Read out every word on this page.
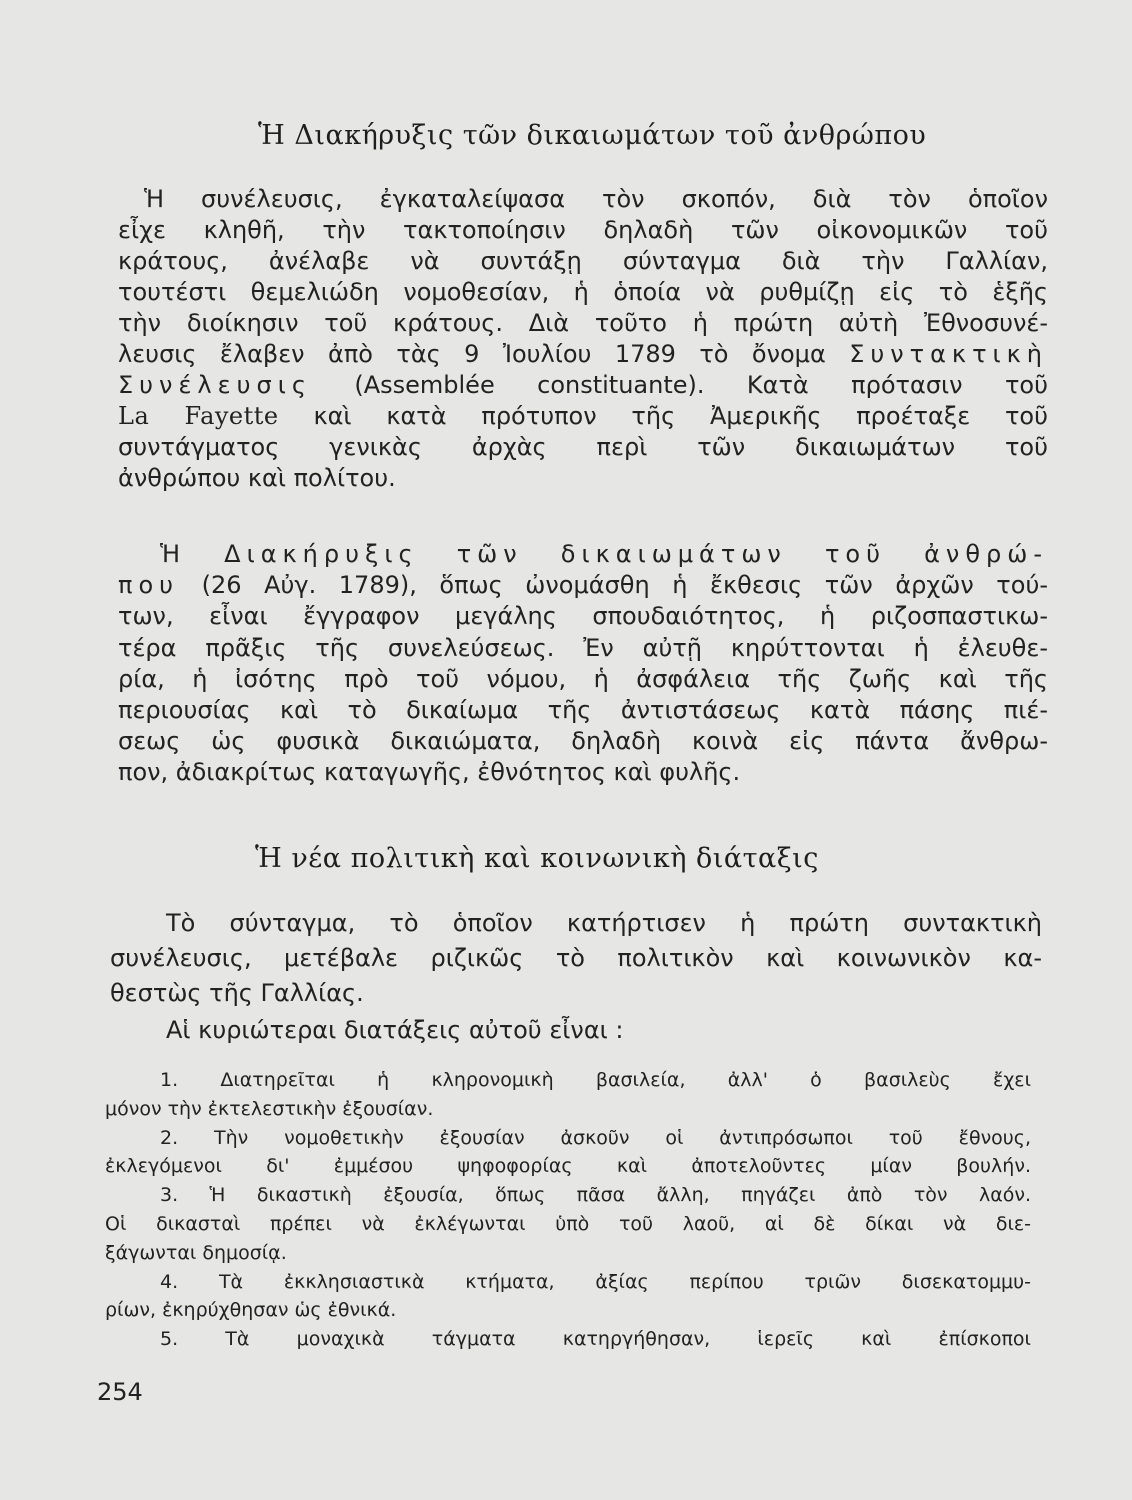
Ἡ Διακήρυξις τῶν δικαιωμάτων τοῦ ἀνθρώπου
Ἡ συνέλευσις, ἐγκαταλείψασα τὸν σκοπόν, διὰ τὸν ὁποῖον
εἶχε κληθῆ, τὴν τακτοποίησιν δηλαδὴ τῶν οἰκονομικῶν τοῦ
κράτους, ἀνέλαβε νὰ συντάξῃ σύνταγμα διὰ τὴν Γαλλίαν,
τουτέστι θεμελιώδη νομοθεσίαν, ἡ ὁποία νὰ ρυθμίζῃ εἰς τὸ ἑξῆς
τὴν διοίκησιν τοῦ κράτους. Διὰ τοῦτο ἡ πρώτη αὐτὴ Ἐθνοσυνέ-
λευσις ἔλαβεν ἀπὸ τὰς 9 Ἰουλίου 1789 τὸ ὄνομα Συντακτικὴ
Συνέλευσις (Assemblée constituante). Κατὰ πρότασιν τοῦ
La Fayette καὶ κατὰ πρότυπον τῆς Ἀμερικῆς προέταξε τοῦ
συντάγματος γενικὰς ἀρχὰς περὶ τῶν δικαιωμάτων τοῦ
ἀνθρώπου καὶ πολίτου.
Ἡ Διακήρυξις τῶν δικαιωμάτων τοῦ ἀνθρώ-
που (26 Αὐγ. 1789), ὅπως ὠνομάσθη ἡ ἔκθεσις τῶν ἀρχῶν τού-
των, εἶναι ἔγγραφον μεγάλης σπουδαιότητος, ἡ ριζοσπαστικω-
τέρα πρᾶξις τῆς συνελεύσεως. Ἐν αὐτῇ κηρύττονται ἡ ἐλευθε-
ρία, ἡ ἰσότης πρὸ τοῦ νόμου, ἡ ἀσφάλεια τῆς ζωῆς καὶ τῆς
περιουσίας καὶ τὸ δικαίωμα τῆς ἀντιστάσεως κατὰ πάσης πιέ-
σεως ὡς φυσικὰ δικαιώματα, δηλαδὴ κοινὰ εἰς πάντα ἄνθρω-
πον, ἀδιακρίτως καταγωγῆς, ἐθνότητος καὶ φυλῆς.
Ἡ νέα πολιτικὴ καὶ κοινωνικὴ διάταξις
Τὸ σύνταγμα, τὸ ὁποῖον κατήρτισεν ἡ πρώτη συντακτικὴ
συνέλευσις, μετέβαλε ριζικῶς τὸ πολιτικὸν καὶ κοινωνικὸν κα-
θεστὼς τῆς Γαλλίας.
Αἱ κυριώτεραι διατάξεις αὐτοῦ εἶναι :
1. Διατηρεῖται ἡ κληρονομικὴ βασιλεία, ἀλλ' ὁ βασιλεὺς ἔχει
μόνον τὴν ἐκτελεστικὴν ἐξουσίαν.
2. Τὴν νομοθετικὴν ἐξουσίαν ἀσκοῦν οἱ ἀντιπρόσωποι τοῦ ἔθνους,
ἐκλεγόμενοι δι' ἐμμέσου ψηφοφορίας καὶ ἀποτελοῦντες μίαν βουλήν.
3. Ἡ δικαστικὴ ἐξουσία, ὅπως πᾶσα ἄλλη, πηγάζει ἀπὸ τὸν λαόν.
Οἱ δικασταὶ πρέπει νὰ ἐκλέγωνται ὑπὸ τοῦ λαοῦ, αἱ δὲ δίκαι νὰ διε-
ξάγωνται δημοσίᾳ.
4. Τὰ ἐκκλησιαστικὰ κτήματα, ἀξίας περίπου τριῶν δισεκατομμυ-
ρίων, ἐκηρύχθησαν ὡς ἐθνικά.
5. Τὰ μοναχικὰ τάγματα κατηργήθησαν, ἱερεῖς καὶ ἐπίσκοποι

254
